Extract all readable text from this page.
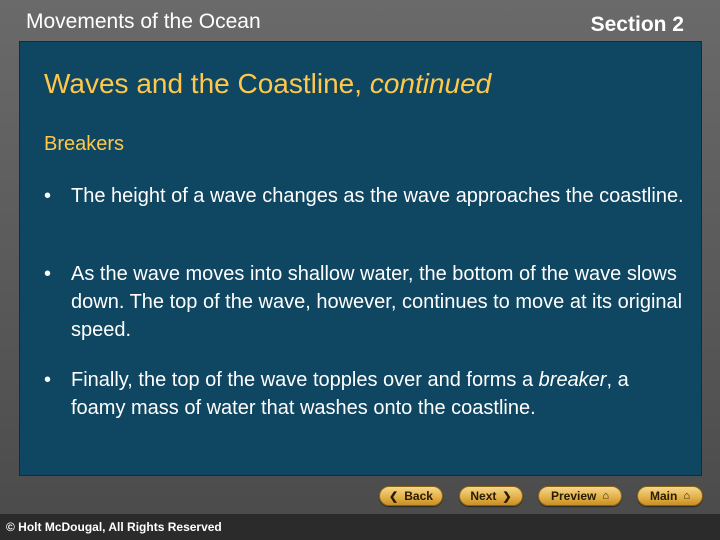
Movements of the Ocean	Section 2
Waves and the Coastline, continued
Breakers
• The height of a wave changes as the wave approaches the coastline.
• As the wave moves into shallow water, the bottom of the wave slows down. The top of the wave, however, continues to move at its original speed.
• Finally, the top of the wave topples over and forms a breaker, a foamy mass of water that washes onto the coastline.
❮ Back	Next ❯	Preview ⌂	Main ⌂
© Holt McDougal, All Rights Reserved
